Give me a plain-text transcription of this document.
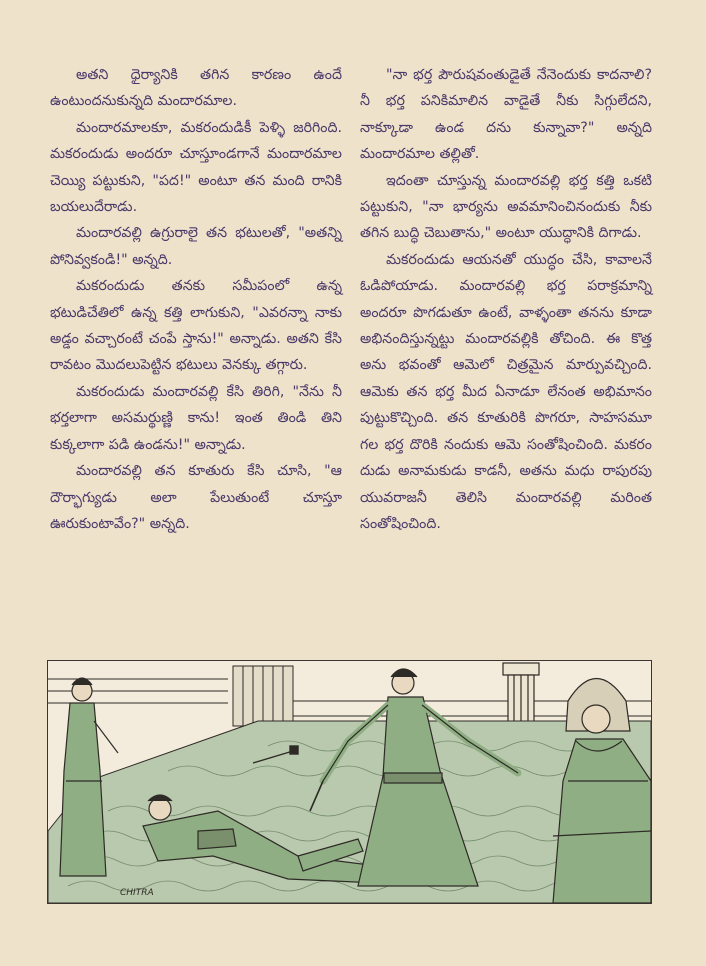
అతని ధైర్యానికి తగిన కారణం ఉందే ఉంటుందనుకున్నది మందారమాల.

మందారమాలకూ, మకరందుడికీ పెళ్ళి జరిగింది. మకరందుడు అందరూ చూస్తూండగానే మందారమాల చెయ్యి పట్టుకుని, "పద!" అంటూ తన మంది రానికి బయలుదేరాడు.

మందారవల్లి ఉగ్రురాలై తన భటులతో, "అతన్ని పోనివ్వకండి!" అన్నది.

మకరందుడు తనకు సమీపంలో ఉన్న భటుడిచేతిలో ఉన్న కత్తి లాగుకుని, "ఎవరన్నా నాకు అడ్డం వచ్చారంటే చంపే స్తాను!" అన్నాడు. అతని కేసి రావటం మొదలుపెట్టిన భటులు వెనక్కు తగ్గారు.

మకరందుడు మందారవల్లి కేసి తిరిగి, "నేను నీ భర్తలాగా అసమర్థుణ్ణి కాను! ఇంత తిండి తిని కుక్కలాగా పడి ఉండను!" అన్నాడు.

మందారవల్లి తన కూతురు కేసి చూసి, "ఆ దౌర్భాగ్యుడు అలా పేలుతుంటే చూస్తూ ఊరుకుంటావేం?" అన్నది.

"నా భర్త పౌరుషవంతుడైతే నేనెందుకు కాదనాలి? నీ భర్త పనికిమాలిన వాడైతే నీకు సిగ్గులేదని, నాక్కూడా ఉండ దను కున్నావా?" అన్నది మందారమాల తల్లితో.

ఇదంతా చూస్తున్న మందారవల్లి భర్త కత్తి ఒకటి పట్టుకుని, "నా భార్యను అవమానించినందుకు నీకు తగిన బుద్ధి చెబుతాను," అంటూ యుద్ధానికి దిగాడు.

మకరందుడు ఆయనతో యుద్ధం చేసి, కావాలనే ఓడిపోయాడు. మందారవల్లి భర్త పరాక్రమాన్ని అందరూ పొగడుతూ ఉంటే, వాళ్ళంతా తనను కూడా అభినందిస్తున్నట్టు మందారవల్లికి తోచింది. ఈ కొత్త అను భవంతో ఆమెలో చిత్రమైన మార్పువచ్చింది. ఆమెకు తన భర్త మీద ఏనాడూ లేనంత అభిమానం పుట్టుకొచ్చింది. తన కూతురికి పొగరూ, సాహసమూ గల భర్త దొరికి నందుకు ఆమె సంతోషించింది. మకరం దుడు అనామకుడు కాడనీ, అతను మధు రాపురపు యువరాజనీ తెలిసి మందారవల్లి మరింత సంతోషించింది.

CHITRA
